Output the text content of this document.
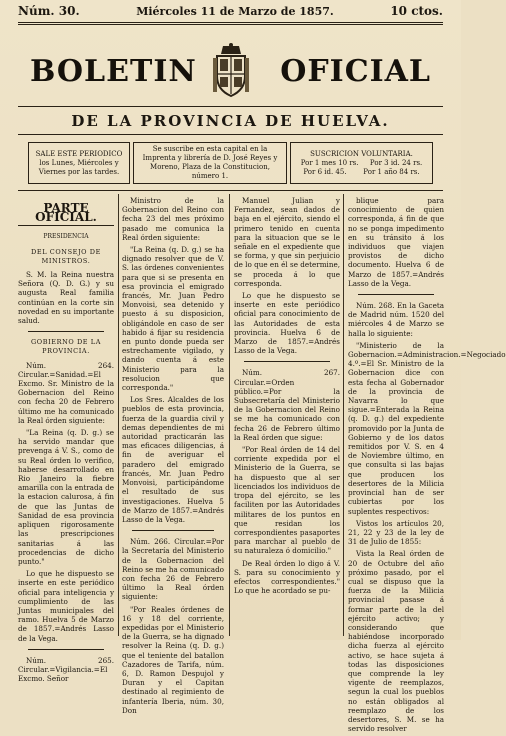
Núm. 30.	Miércoles 11 de Marzo de 1857.	10 ctos.
BOLETIN	OFICIAL
DE LA PROVINCIA DE HUELVA.
SALE ESTE PERIODICO
los Lunes, Miércoles y Viernes por las tardes.
Se suscribe en esta capital en la Imprenta y librería de D. José Reyes y Moreno, Plaza de la Constitucion, número 1.
SUSCRICION VOLUNTARIA.
Por 1 mes 10 rs. Por 3 id. 24 rs.
Por 6 id. 45. Por 1 año 84 rs.
PARTE OFICIAL.
PRESIDENCIA
DEL CONSEJO DE MINISTROS.

S. M. la Reina nuestra Señora (Q. D. G.) y su augusta Real familia continúan en la corte sin novedad en su importante salud.

GOBIERNO DE LA PROVINCIA.

Núm. 264. Circular.=Sanidad.=El Excmo. Sr. Ministro de la Gobernacion del Reino con fecha 20 de Febrero último me ha comunicado la Real órden siguiente:

"La Reina (q. D. g.) se ha servido mandar que prevenga á V. S., como de su Real órden lo verifico, haberse desarrollado en Rio Janeiro la fiebre amarilla con la entrada de la estacion calurosa, á fin de que las Juntas de Sanidad de esa provincia apliquen rigorosamente las prescripciones sanitarias á las procedencias de dicho punto."

Lo que he dispuesto se inserte en este periódico oficial para inteligencia y cumplimiento de las Juntas municipales del ramo. Huelva 5 de Marzo de 1857.=Andrés Lasso de la Vega.

Núm. 265. Circular.=Vigilancia.=El Excmo. Señor

Ministro de la Gobernacion del Reino con fecha 23 del mes próximo pasado me comunica la Real órden siguiente:

"La Reina (q. D. g.) se ha dignado resolver que de V. S. las órdenes convenientes para que si se presenta en esa provincia el emigrado francés, Mr. Juan Pedro Monvoisi, sea detenido y puesto á su disposicion, obligándole en caso de ser habido á fijar su residencia en punto donde pueda ser estrechamente vigilado, y dando cuenta á este Ministerio para la resolucion que corresponda."

Los Sres. Alcaldes de los pueblos de esta provincia, fuerza de la guardia civil y demas dependientes de mi autoridad practicarán las mas eficaces diligencias, á fin de averiguar el paradero del emigrado francés, Mr. Juan Pedro Monvoisi, participándome el resultado de sus investigaciones. Huelva 5 de Marzo de 1857.=Andrés Lasso de la Vega.

Núm. 266. Circular.=Por la Secretaría del Ministerio de la Gobernacion del Reino se me ha comunicado con fecha 26 de Febrero último la Real órden siguiente:

"Por Reales órdenes de 16 y 18 del corriente, expedidas por el Ministerio de la Guerra, se ha dignado resolver la Reina (q. D. g.) que el teniente del batallon Cazadores de Tarifa, núm. 6, D. Ramon Despujol y Duran y el Capitan destinado al regimiento de infantería Iberia, núm. 30, Don

Manuel Julian y Fernandez, sean dados de baja en el ejército, siendo el primero tenido en cuenta para la situacion que se le señale en el expediente que se forma, y que sin perjuicio de lo que en él se determine, se proceda á lo que corresponda.

Lo que he dispuesto se inserte en este periódico oficial para conocimiento de las Autoridades de esta provincia. Huelva 6 de Marzo de 1857.=Andrés Lasso de la Vega.

Núm. 267. Circular.=Orden público.=Por la Subsecretaría del Ministerio de la Gobernacion del Reino se me ha comunicado con fecha 26 de Febrero último la Real órden que sigue:

"Por Real órden de 14 del corriente expedida por el Ministerio de la Guerra, se ha dispuesto que al ser licenciados los individuos de tropa del ejército, se les faciliten por las Autoridades militares de los puntos en que residan los correspondientes pasaportes para marchar al pueblo de su naturaleza ó domicilio."

De Real órden lo digo á V. S. para su conocimiento y efectos correspondientes." Lo que he acordado se pu-

blique para conocimiento de quien corresponda, á fin de que no se ponga impedimento en su tránsito á los individuos que viajen provistos de dicho documento. Huelva 6 de Marzo de 1857.=Andrés Lasso de la Vega.

Núm. 268. En la Gaceta de Madrid núm. 1520 del miércoles 4 de Marzo se halla lo siguiente:

"Ministerio de la Gobernacion.=Administracion.=Negociado 4.º.=El Sr. Ministro de la Gobernacion dice con esta fecha al Gobernador de la provincia de Navarra lo que sigue.=Enterada la Reina (q. D. g.) del expediente promovido por la Junta de Gobierno y de los datos remitidos por V. S. en 4 de Noviembre último, en que consulta si las bajas que producen los desertores de la Milicia provincial han de ser cubiertas por los suplentes respectivos:

Vistos los artículos 20, 21, 22 y 23 de la ley de 31 de Julio de 1855:

Vista la Real órden de 20 de Octubre del año próximo pasado, por el cual se dispuso que la fuerza de la Milicia provincial pasase á formar parte de la del ejército activo; y considerando que habiéndose incorporado dicha fuerza al ejército activo, se hace sujeta á todas las disposiciones que comprende la ley vigente de reemplazos, segun la cual los pueblos no están obligados al reemplazo de los desertores, S. M. se ha servido resolver
